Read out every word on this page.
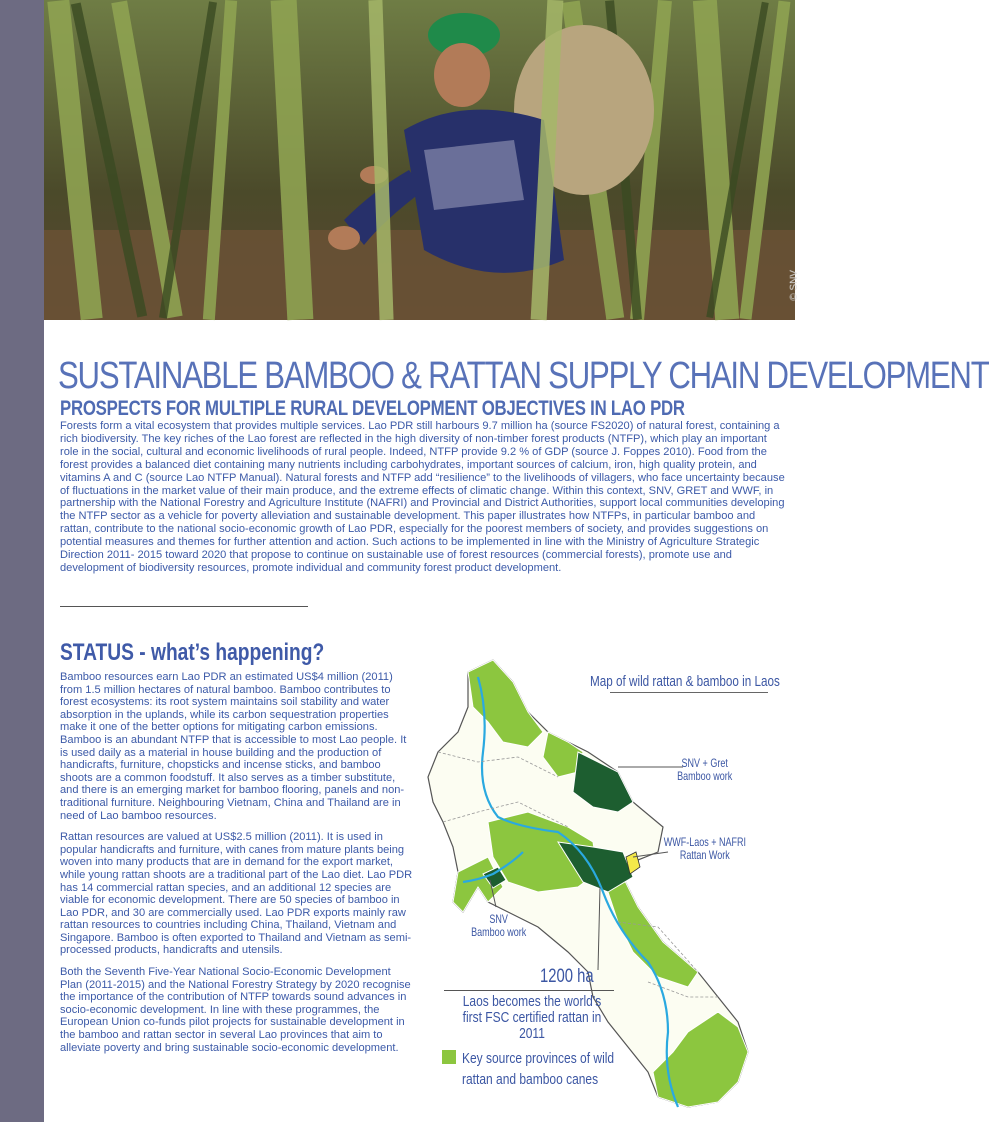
© SNV
SUSTAINABLE BAMBOO & RATTAN SUPPLY CHAIN DEVELOPMENT
PROSPECTS FOR MULTIPLE RURAL DEVELOPMENT OBJECTIVES IN LAO PDR

Forests form a vital ecosystem that provides multiple services. Lao PDR still harbours 9.7 million ha (source FS2020) of natural forest, containing a rich biodiversity. The key riches of the Lao forest are reflected in the high diversity of non-timber forest products (NTFP), which play an important role in the social, cultural and economic livelihoods of rural people. Indeed, NTFP provide 9.2 % of GDP (source J. Foppes 2010). Food from the forest provides a balanced diet containing many nutrients including carbohydrates, important sources of calcium, iron, high quality protein, and vitamins A and C (source Lao NTFP Manual). Natural forests and NTFP add “resilience” to the livelihoods of villagers, who face uncertainty because of fluctuations in the market value of their main produce, and the extreme effects of climatic change. Within this context, SNV, GRET and WWF, in partnership with the National Forestry and Agriculture Institute (NAFRI) and Provincial and District Authorities, support local communities developing the NTFP sector as a vehicle for poverty alleviation and sustainable development. This paper illustrates how NTFPs, in particular bamboo and rattan, contribute to the national socio-economic growth of Lao PDR, especially for the poorest members of society, and provides suggestions on potential measures and themes for further attention and action. Such actions to be implemented in line with the Ministry of Agriculture Strategic Direction 2011- 2015 toward 2020 that propose to continue on sustainable use of forest resources (commercial forests), promote use and development of biodiversity resources, promote individual and community forest product development.

STATUS - what’s happening?

Bamboo resources earn Lao PDR an estimated US$4 million (2011) from 1.5 million hectares of natural bamboo. Bamboo contributes to forest ecosystems: its root system maintains soil stability and water absorption in the uplands, while its carbon sequestration properties make it one of the better options for mitigating carbon emissions. Bamboo is an abundant NTFP that is accessible to most Lao people. It is used daily as a material in house building and the production of handicrafts, furniture, chopsticks and incense sticks, and bamboo shoots are a common foodstuff. It also serves as a timber substitute, and there is an emerging market for bamboo flooring, panels and non-traditional furniture. Neighbouring Vietnam, China and Thailand are in need of Lao bamboo resources.

Rattan resources are valued at US$2.5 million (2011). It is used in popular handicrafts and furniture, with canes from mature plants being woven into many products that are in demand for the export market, while young rattan shoots are a traditional part of the Lao diet. Lao PDR has 14 commercial rattan species, and an additional 12 species are viable for economic development. There are 50 species of bamboo in Lao PDR, and 30 are commercially used. Lao PDR exports mainly raw rattan resources to countries including China, Thailand, Vietnam and Singapore. Bamboo is often exported to Thailand and Vietnam as semi-processed products, handicrafts and utensils.

Both the Seventh Five-Year National Socio-Economic Development Plan (2011-2015) and the National Forestry Strategy by 2020 recognise the importance of the contribution of NTFP towards sound advances in socio-economic development. In line with these programmes, the European Union co-funds pilot projects for sustainable development in the bamboo and rattan sector in several Lao provinces that aim to alleviate poverty and bring sustainable socio-economic development.

Map of wild rattan & bamboo in Laos
SNV + Gret
Bamboo work
WWF-Laos + NAFRI
Rattan Work
SNV
Bamboo work
1200 ha
Laos becomes the world’s first FSC certified rattan in 2011
Key source provinces of wild rattan and bamboo canes
